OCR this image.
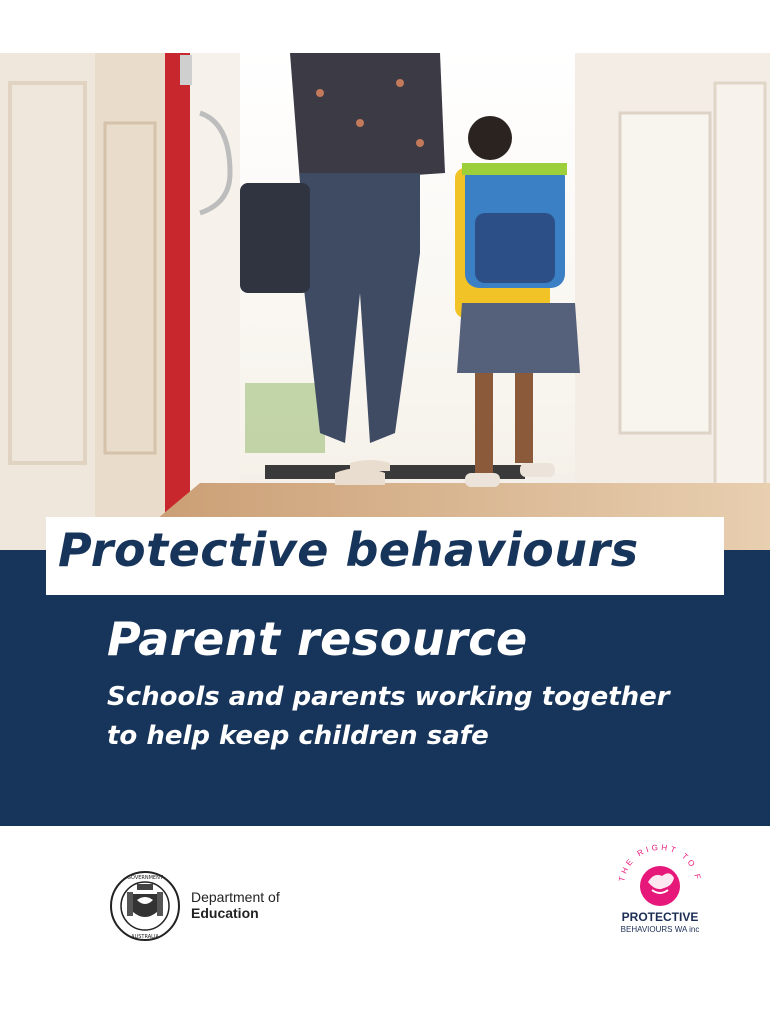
Protective behaviours
Parent resource
Schools and parents working together
to help keep children safe
GOVERNMENT
AUSTRALIA
Department of
Education
THE RIGHT TO F
PROTECTIVE
BEHAVIOURS WA inc
